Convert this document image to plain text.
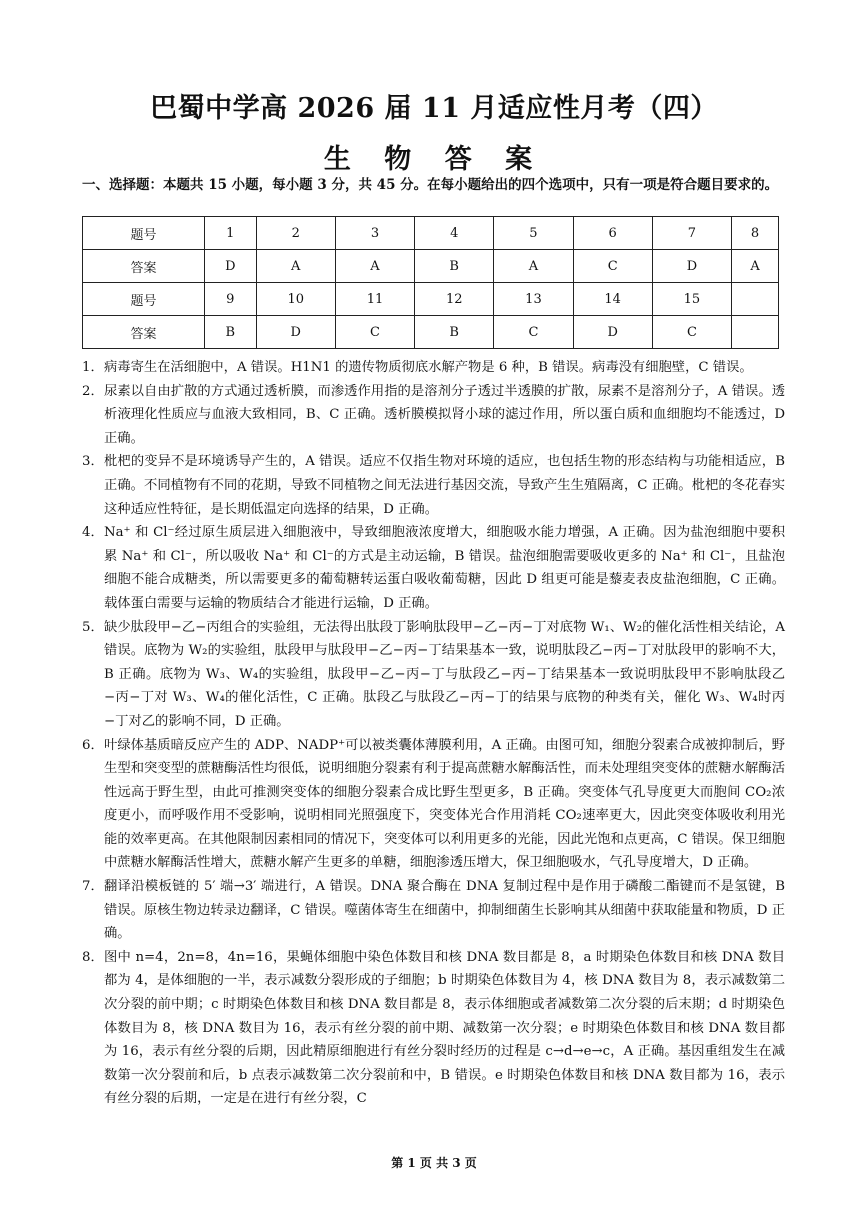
巴蜀中学高 2026 届 11 月适应性月考（四）
生 物 答 案
一、选择题：本题共 15 小题，每小题 3 分，共 45 分。在每小题给出的四个选项中，只有一项是符合题目要求的。
题号	1	2	3	4	5	6	7	8
答案	D	A	A	B	A	C	D	A
题号	9	10	11	12	13	14	15	
答案	B	D	C	B	C	D	C	
1． 病毒寄生在活细胞中，A 错误。H1N1 的遗传物质彻底水解产物是 6 种，B 错误。病毒没有细胞壁，C 错误。
2． 尿素以自由扩散的方式通过透析膜，而渗透作用指的是溶剂分子透过半透膜的扩散，尿素不是溶剂分子，A 错误。透析液理化性质应与血液大致相同，B、C 正确。透析膜模拟肾小球的滤过作用，所以蛋白质和血细胞均不能透过，D 正确。
3． 枇杷的变异不是环境诱导产生的，A 错误。适应不仅指生物对环境的适应，也包括生物的形态结构与功能相适应，B 正确。不同植物有不同的花期，导致不同植物之间无法进行基因交流，导致产生生殖隔离，C 正确。枇杷的冬花春实这种适应性特征，是长期低温定向选择的结果，D 正确。
4． Na⁺ 和 Cl⁻经过原生质层进入细胞液中，导致细胞液浓度增大，细胞吸水能力增强，A 正确。因为盐泡细胞中要积累 Na⁺ 和 Cl⁻，所以吸收 Na⁺ 和 Cl⁻的方式是主动运输，B 错误。盐泡细胞需要吸收更多的 Na⁺ 和 Cl⁻，且盐泡细胞不能合成糖类，所以需要更多的葡萄糖转运蛋白吸收葡萄糖，因此 D 组更可能是藜麦表皮盐泡细胞，C 正确。载体蛋白需要与运输的物质结合才能进行运输，D 正确。
5． 缺少肽段甲−乙−丙组合的实验组，无法得出肽段丁影响肽段甲−乙−丙−丁对底物 W₁、W₂的催化活性相关结论，A 错误。底物为 W₂的实验组，肽段甲与肽段甲−乙−丙−丁结果基本一致，说明肽段乙−丙−丁对肽段甲的影响不大，B 正确。底物为 W₃、W₄的实验组，肽段甲−乙−丙−丁与肽段乙−丙−丁结果基本一致说明肽段甲不影响肽段乙−丙−丁对 W₃、W₄的催化活性，C 正确。肽段乙与肽段乙−丙−丁的结果与底物的种类有关，催化 W₃、W₄时丙−丁对乙的影响不同，D 正确。
6． 叶绿体基质暗反应产生的 ADP、NADP⁺可以被类囊体薄膜利用，A 正确。由图可知，细胞分裂素合成被抑制后，野生型和突变型的蔗糖酶活性均很低，说明细胞分裂素有利于提高蔗糖水解酶活性，而未处理组突变体的蔗糖水解酶活性远高于野生型，由此可推测突变体的细胞分裂素合成比野生型更多，B 正确。突变体气孔导度更大而胞间 CO₂浓度更小，而呼吸作用不受影响，说明相同光照强度下，突变体光合作用消耗 CO₂速率更大，因此突变体吸收利用光能的效率更高。在其他限制因素相同的情况下，突变体可以利用更多的光能，因此光饱和点更高，C 错误。保卫细胞中蔗糖水解酶活性增大，蔗糖水解产生更多的单糖，细胞渗透压增大，保卫细胞吸水，气孔导度增大，D 正确。
7． 翻译沿模板链的 5′ 端→3′ 端进行，A 错误。DNA 聚合酶在 DNA 复制过程中是作用于磷酸二酯键而不是氢键，B 错误。原核生物边转录边翻译，C 错误。噬菌体寄生在细菌中，抑制细菌生长影响其从细菌中获取能量和物质，D 正确。
8． 图中 n=4，2n=8，4n=16，果蝇体细胞中染色体数目和核 DNA 数目都是 8，a 时期染色体数目和核 DNA 数目都为 4，是体细胞的一半，表示减数分裂形成的子细胞；b 时期染色体数目为 4，核 DNA 数目为 8，表示减数第二次分裂的前中期；c 时期染色体数目和核 DNA 数目都是 8，表示体细胞或者减数第二次分裂的后末期；d 时期染色体数目为 8，核 DNA 数目为 16，表示有丝分裂的前中期、减数第一次分裂；e 时期染色体数目和核 DNA 数目都为 16，表示有丝分裂的后期，因此精原细胞进行有丝分裂时经历的过程是 c→d→e→c，A 正确。基因重组发生在减数第一次分裂前和后，b 点表示减数第二次分裂前和中，B 错误。e 时期染色体数目和核 DNA 数目都为 16，表示有丝分裂的后期，一定是在进行有丝分裂，C
第 1 页 共 3 页
